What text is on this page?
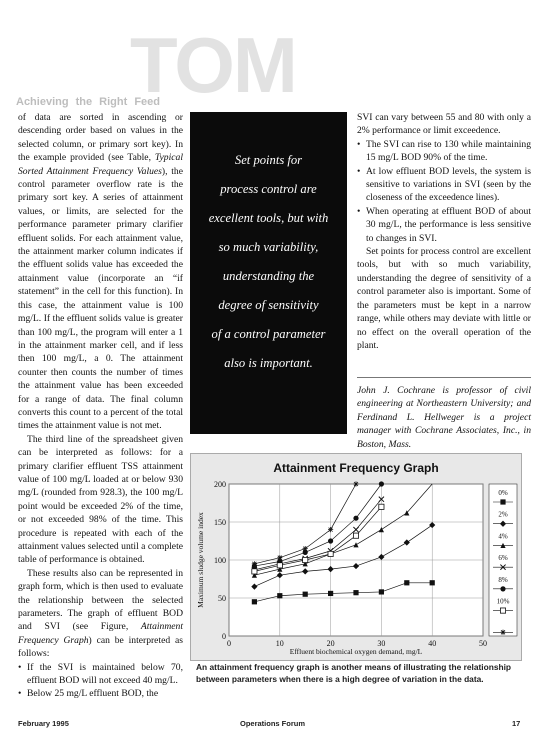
TOM
Achieving the Right Feed

of data are sorted in ascending or descending order based on values in the selected column, or primary sort key). In the example provided (see Table, Typical Sorted Attainment Frequency Values), the control parameter overflow rate is the primary sort key. A series of attainment values, or limits, are selected for the performance parameter primary clarifier effluent solids. For each attainment value, the attainment marker column indicates if the effluent solids value has exceeded the attainment value (incorporate an “if statement” in the cell for this function). In this case, the attainment value is 100 mg/L. If the effluent solids value is greater than 100 mg/L, the program will enter a 1 in the attainment marker cell, and if less then 100 mg/L, a 0. The attainment counter then counts the number of times the attainment value has been exceeded for a range of data. The final column converts this count to a percent of the total times the attainment value is not met.

The third line of the spreadsheet given can be interpreted as follows: for a primary clarifier effluent TSS attainment value of 100 mg/L loaded at or below 930 mg/L (rounded from 928.3), the 100 mg/L point would be exceeded 2% of the time, or not exceeded 98% of the time. This procedure is repeated with each of the attainment values selected until a complete table of performance is obtained.

These results also can be represented in graph form, which is then used to evaluate the relationship between the selected parameters. The graph of effluent BOD and SVI (see Figure, Attainment Frequency Graph) can be interpreted as follows:

• If the SVI is maintained below 70, effluent BOD will not exceed 40 mg/L.

• Below 25 mg/L effluent BOD, the

Set points for
process control are
excellent tools, but with
so much variability,
understanding the
degree of sensitivity
of a control parameter
also is important.

SVI can vary between 55 and 80 with only a 2% performance or limit exceedence.

• The SVI can rise to 130 while maintaining 15 mg/L BOD 90% of the time.

• At low effluent BOD levels, the system is sensitive to variations in SVI (seen by the closeness of the exceedence lines).

• When operating at effluent BOD of about 30 mg/L, the performance is less sensitive to changes in SVI.

Set points for process control are excellent tools, but with so much variability, understanding the degree of sensitivity of a control parameter also is important. Some of the parameters must be kept in a narrow range, while others may deviate with little or no effect on the overall operation of the plant.

John J. Cochrane is professor of civil engineering at Northeastern University; and Ferdinand L. Hellweger is a project manager with Cochrane Associates, Inc., in Boston, Mass.
Attainment Frequency Graph
0
50
100
150
200
0	10	20	30	40	50
Effluent biochemical oxygen demand, mg/L
Maximum sludge volume index
0%
2%
4%
6%
8%
10%
An attainment frequency graph is another means of illustrating the relationship between parameters when there is a high degree of variation in the data.
February 1995	Operations Forum	17
